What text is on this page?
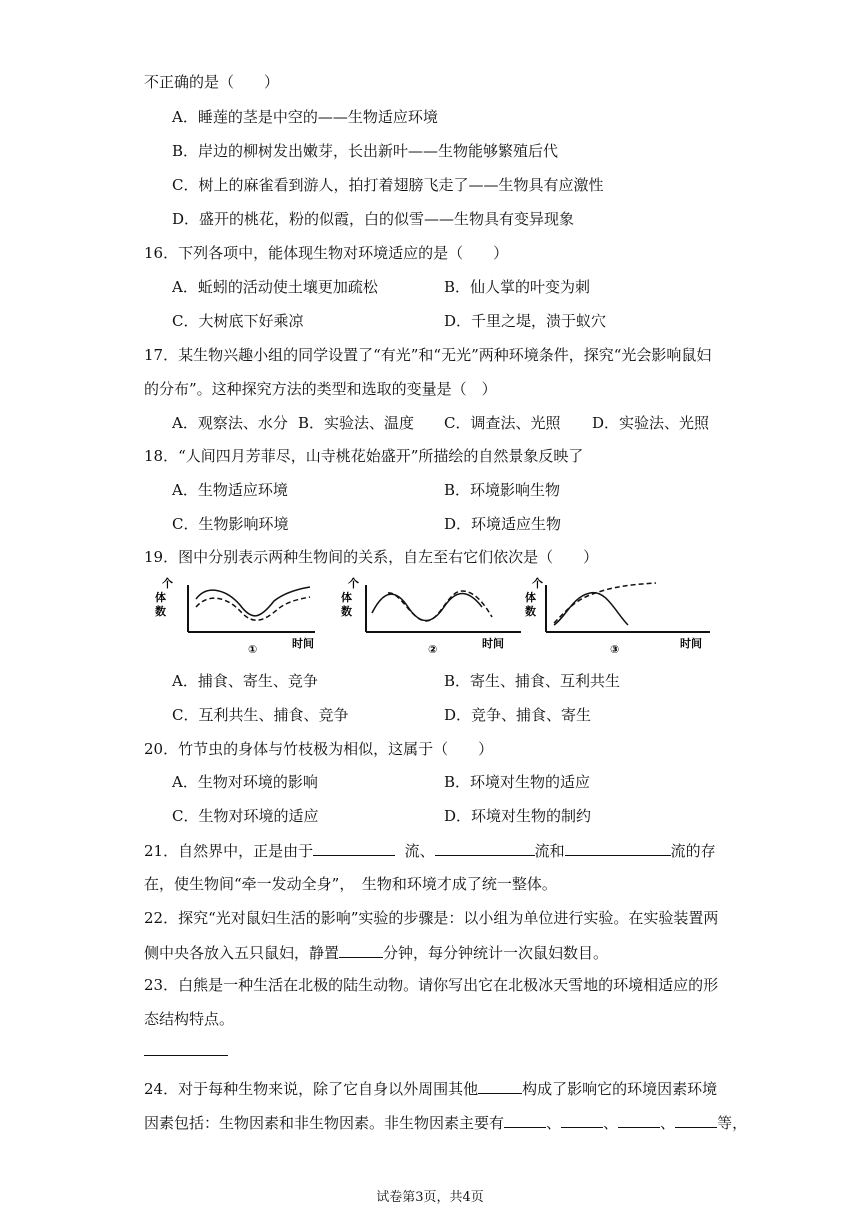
不正确的是（　　）
A．睡莲的茎是中空的——生物适应环境
B．岸边的柳树发出嫩芽，长出新叶——生物能够繁殖后代
C．树上的麻雀看到游人，拍打着翅膀飞走了——生物具有应激性
D．盛开的桃花，粉的似霞，白的似雪——生物具有变异现象
16．下列各项中，能体现生物对环境适应的是（　　）
A．蚯蚓的活动使土壤更加疏松	B．仙人掌的叶变为刺
C．大树底下好乘凉	D．千里之堤，溃于蚁穴
17．某生物兴趣小组的同学设置了“有光”和“无光”两种环境条件，探究“光会影响鼠妇
的分布”。这种探究方法的类型和选取的变量是（　）
A．观察法、水分 B．实验法、温度 C．调查法、光照 D．实验法、光照
18．“人间四月芳菲尽，山寺桃花始盛开”所描绘的自然景象反映了
A．生物适应环境	B．环境影响生物
C．生物影响环境	D．环境适应生物
19．图中分别表示两种生物间的关系，自左至右它们依次是（　　）
个
体
数
①	时间
个
体
数
②	时间
个
体
数
③	时间
A．捕食、寄生、竞争	B．寄生、捕食、互利共生
C．互利共生、捕食、竞争	D．竞争、捕食、寄生
20．竹节虫的身体与竹枝极为相似，这属于（　　）
A．生物对环境的影响	B．环境对生物的适应
C．生物对环境的适应	D．环境对生物的制约
21．自然界中，正是由于	流、	流和	流的存
在，使生物间“牵一发动全身”，　生物和环境才成了统一整体。
22．探究“光对鼠妇生活的影响”实验的步骤是：以小组为单位进行实验。在实验装置两
侧中央各放入五只鼠妇，静置	分钟，每分钟统计一次鼠妇数目。
23．白熊是一种生活在北极的陆生动物。请你写出它在北极冰天雪地的环境相适应的形
态结构特点。
24．对于每种生物来说，除了它自身以外周围其他	构成了影响它的环境因素环境
因素包括：生物因素和非生物因素。非生物因素主要有	、	、	、	等，
试卷第3页，共4页
